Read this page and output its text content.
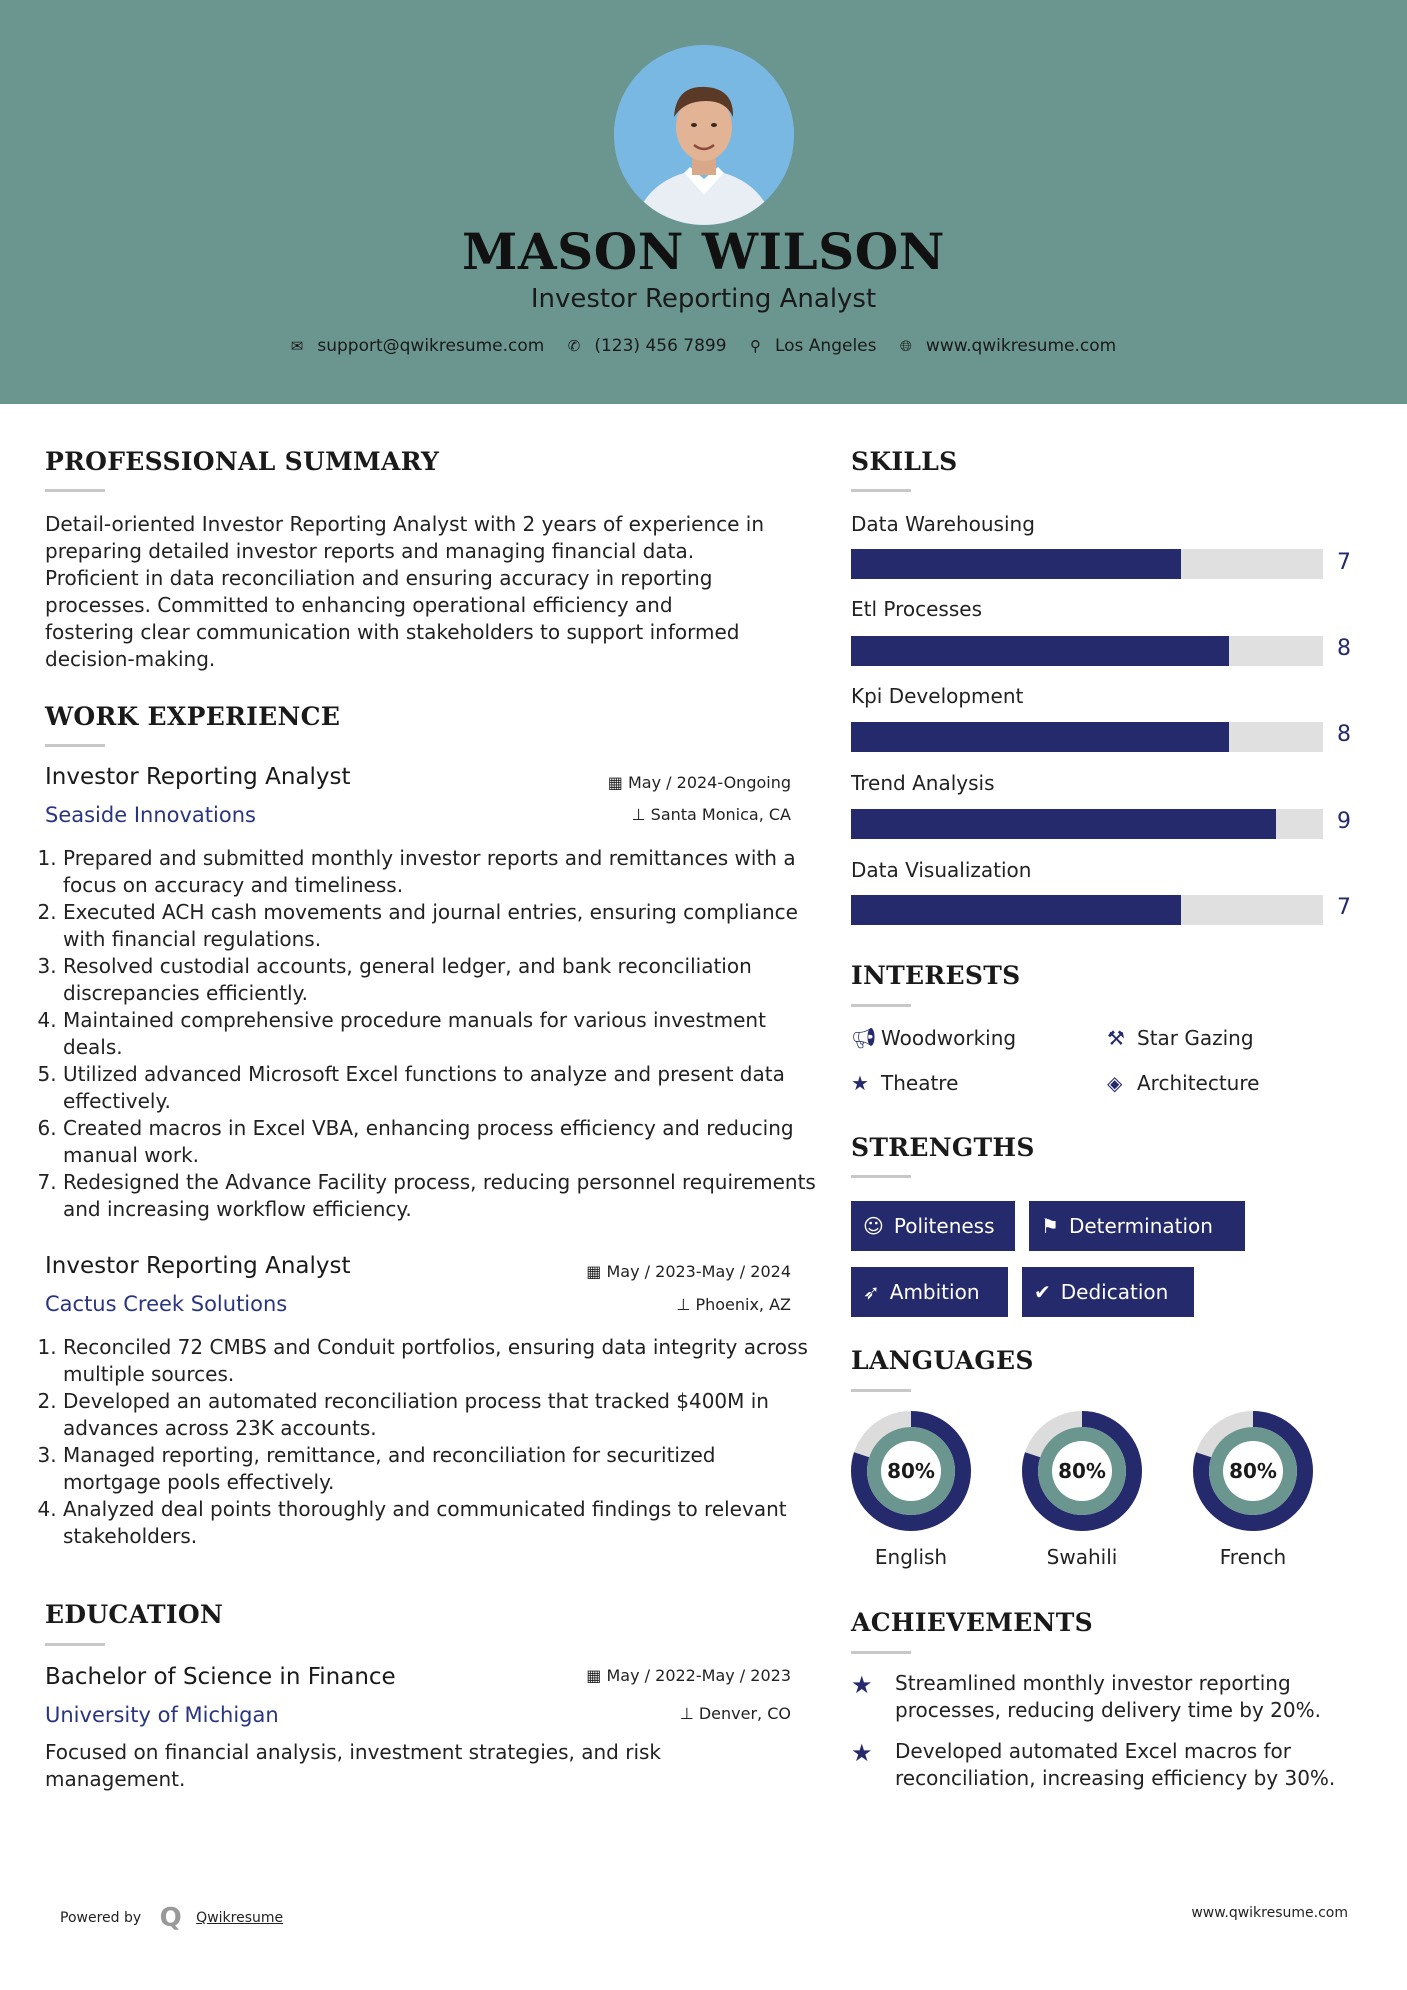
MASON WILSON
Investor Reporting Analyst
✉ support@qwikresume.com ✆ (123) 456 7899 ⚲ Los Angeles 🌐︎ www.qwikresume.com
PROFESSIONAL SUMMARY
Detail-oriented Investor Reporting Analyst with 2 years of experience in
preparing detailed investor reports and managing financial data.
Proficient in data reconciliation and ensuring accuracy in reporting
processes. Committed to enhancing operational efficiency and
fostering clear communication with stakeholders to support informed
decision-making.
WORK EXPERIENCE
Investor Reporting Analyst
Seaside Innovations
▦ May / 2024-Ongoing
⊥ Santa Monica, CA
1. Prepared and submitted monthly investor reports and remittances with a focus on accuracy and timeliness.
2. Executed ACH cash movements and journal entries, ensuring compliance with financial regulations.
3. Resolved custodial accounts, general ledger, and bank reconciliation discrepancies efficiently.
4. Maintained comprehensive procedure manuals for various investment deals.
5. Utilized advanced Microsoft Excel functions to analyze and present data effectively.
6. Created macros in Excel VBA, enhancing process efficiency and reducing manual work.
7. Redesigned the Advance Facility process, reducing personnel requirements and increasing workflow efficiency.
Investor Reporting Analyst
Cactus Creek Solutions
▦ May / 2023-May / 2024
⊥ Phoenix, AZ
1. Reconciled 72 CMBS and Conduit portfolios, ensuring data integrity across multiple sources.
2. Developed an automated reconciliation process that tracked $400M in advances across 23K accounts.
3. Managed reporting, remittance, and reconciliation for securitized mortgage pools effectively.
4. Analyzed deal points thoroughly and communicated findings to relevant stakeholders.
EDUCATION
Bachelor of Science in Finance
University of Michigan
▦ May / 2022-May / 2023
⊥ Denver, CO
Focused on financial analysis, investment strategies, and risk
management.
SKILLS
Data Warehousing
7
Etl Processes
8
Kpi Development
8
Trend Analysis
9
Data Visualization
7
INTERESTS
📢︎ Woodworking	⚒ Star Gazing
★ Theatre	◈ Architecture
STRENGTHS
☺ Politeness	⚑ Determination
➶ Ambition	✔ Dedication
LANGUAGES
80%	80%	80%
English	Swahili	French
ACHIEVEMENTS
★	Streamlined monthly investor reporting
processes, reducing delivery time by 20%.
★	Developed automated Excel macros for
reconciliation, increasing efficiency by 30%.
Powered by Q Qwikresume	www.qwikresume.com
